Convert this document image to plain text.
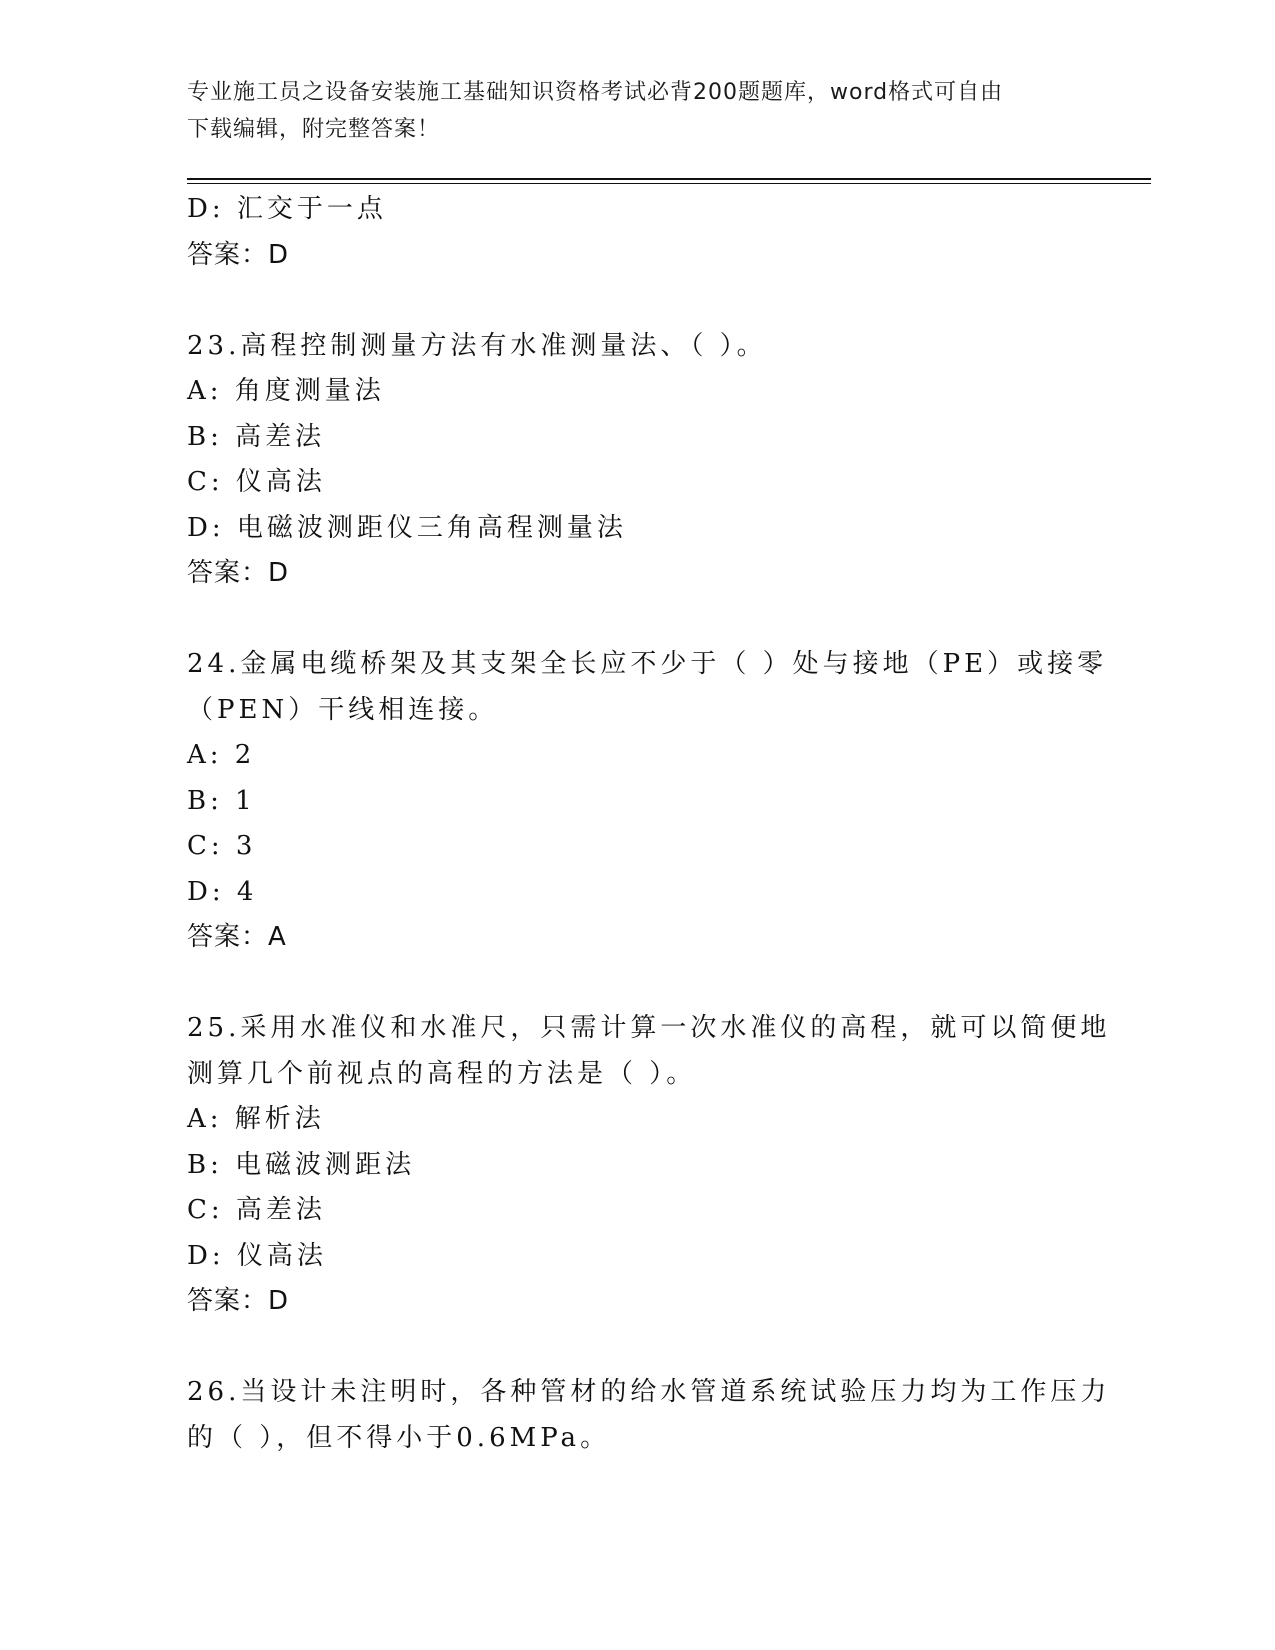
专业施工员之设备安装施工基础知识资格考试必背200题题库，word格式可自由
下载编辑，附完整答案！
D: 汇交于一点
答案：D
23.高程控制测量方法有水准测量法、（ ）。
A: 角度测量法
B: 高差法
C: 仪高法
D: 电磁波测距仪三角高程测量法
答案：D
24.金属电缆桥架及其支架全长应不少于（ ）处与接地（PE）或接零
（PEN）干线相连接。
A: 2
B: 1
C: 3
D: 4
答案：A
25.采用水准仪和水准尺，只需计算一次水准仪的高程，就可以简便地
测算几个前视点的高程的方法是（ ）。
A: 解析法
B: 电磁波测距法
C: 高差法
D: 仪高法
答案：D
26.当设计未注明时，各种管材的给水管道系统试验压力均为工作压力
的（ ），但不得小于0.6MPa。
